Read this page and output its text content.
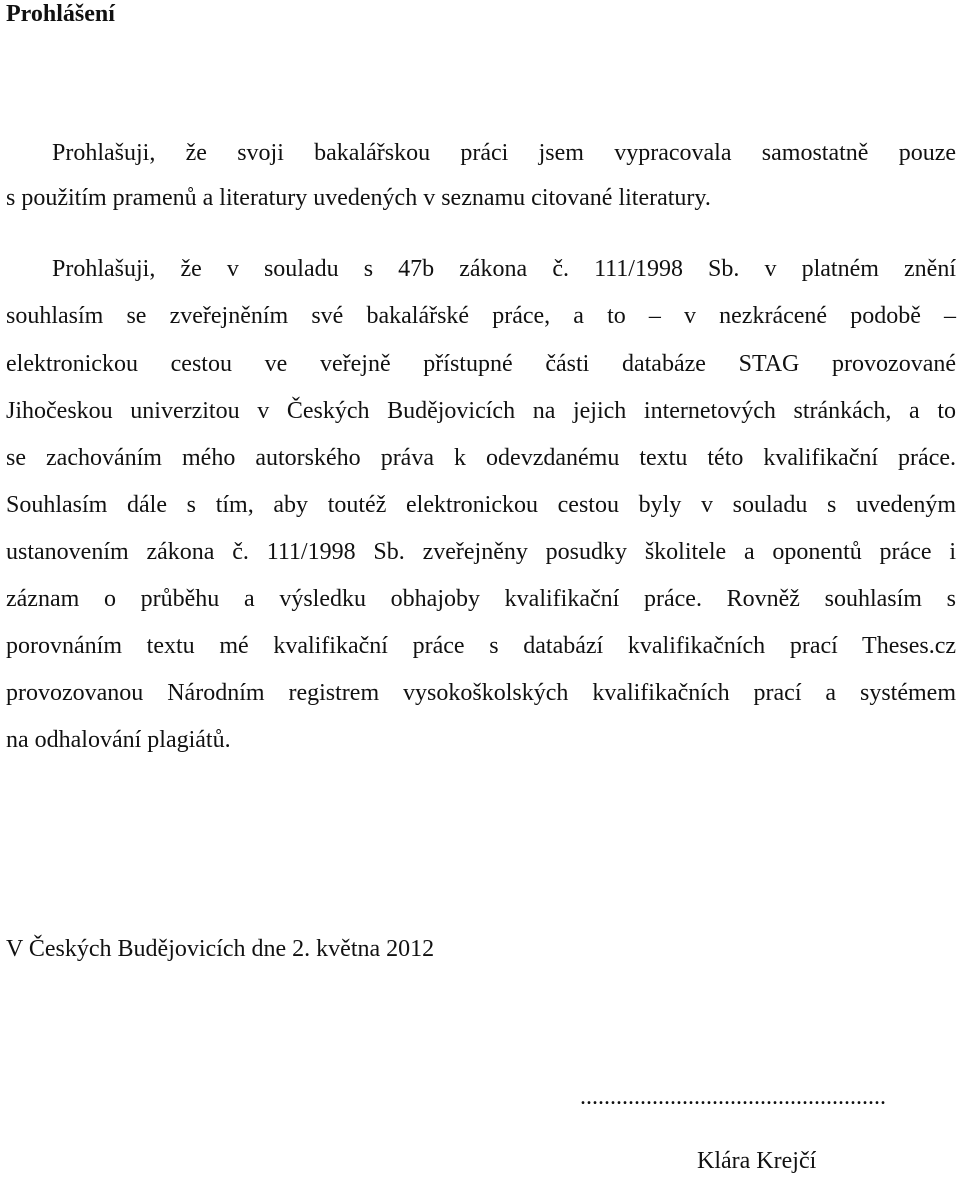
Prohlášení
Prohlašuji, že svoji bakalářskou práci jsem vypracovala samostatně pouze
s použitím pramenů a literatury uvedených v seznamu citované literatury.
Prohlašuji, že v souladu s 47b zákona č. 111/1998 Sb. v platném znění
souhlasím se zveřejněním své bakalářské práce, a to – v nezkrácené podobě –
elektronickou cestou ve veřejně přístupné části databáze STAG provozované
Jihočeskou univerzitou v Českých Budějovicích na jejich internetových stránkách, a to
se zachováním mého autorského práva k odevzdanému textu této kvalifikační práce.
Souhlasím dále s tím, aby toutéž elektronickou cestou byly v souladu s uvedeným
ustanovením zákona č. 111/1998 Sb. zveřejněny posudky školitele a oponentů práce i
záznam o průběhu a výsledku obhajoby kvalifikační práce. Rovněž souhlasím s
porovnáním textu mé kvalifikační práce s databází kvalifikačních prací Theses.cz
provozovanou Národním registrem vysokoškolských kvalifikačních prací a systémem
na odhalování plagiátů.
V Českých Budějovicích dne 2. května 2012
...................................................
Klára Krejčí
